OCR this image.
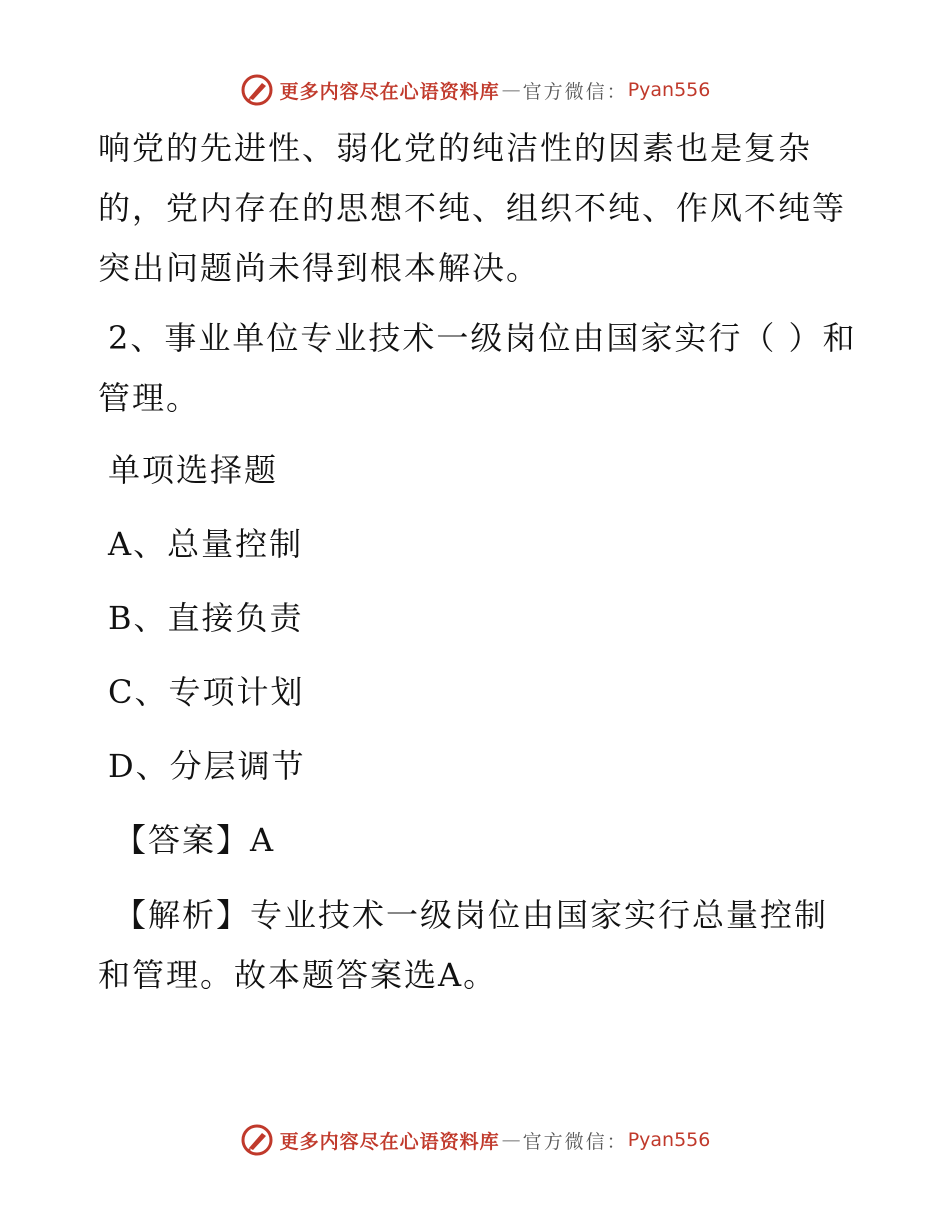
更多内容尽在心语资料库 — 官方微信： Pyan556

响党的先进性、弱化党的纯洁性的因素也是复杂

的，党内存在的思想不纯、组织不纯、作风不纯等

突出问题尚未得到根本解决。

2、事业单位专业技术一级岗位由国家实行（ ）和

管理。

单项选择题

A、总量控制

B、直接负责

C、专项计划

D、分层调节

【答案】A

【解析】专业技术一级岗位由国家实行总量控制

和管理。故本题答案选A。

更多内容尽在心语资料库 — 官方微信： Pyan556
